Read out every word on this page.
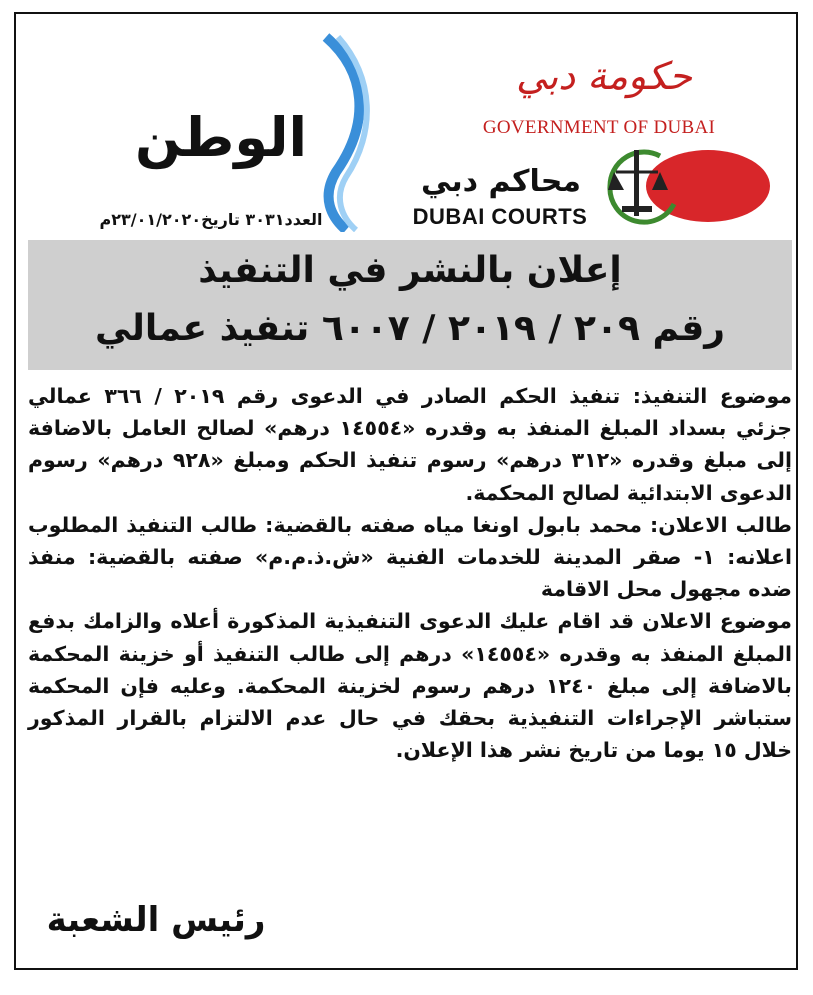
الوطن
العدد٣٠٣١ تاريخ٢٣/٠١/٢٠٢٠م
حكومة دبي
GOVERNMENT OF DUBAI
محاكم دبي
DUBAI COURTS
إعلان بالنشر في التنفيذ
رقم ٢٠٩ / ٢٠١٩ / ٦٠٠٧ تنفيذ عمالي

موضوع التنفيذ: تنفيذ الحكم الصادر في الدعوى رقم ٢٠١٩ / ٣٦٦ عمالي جزئي بسداد المبلغ المنفذ به وقدره «١٤٥٥٤ درهم» لصالح العامل بالاضافة إلى مبلغ وقدره «٣١٢ درهم» رسوم تنفيذ الحكم ومبلغ «٩٢٨ درهم» رسوم الدعوى الابتدائية لصالح المحكمة.

طالب الاعلان: محمد بابول اونغا مياه صفته بالقضية: طالب التنفيذ المطلوب اعلانه: ١- صقر المدينة للخدمات الفنية «ش.ذ.م.م» صفته بالقضية: منفذ ضده مجهول محل الاقامة

موضوع الاعلان قد اقام عليك الدعوى التنفيذية المذكورة أعلاه والزامك بدفع المبلغ المنفذ به وقدره «١٤٥٥٤» درهم إلى طالب التنفيذ أو خزينة المحكمة بالاضافة إلى مبلغ ١٢٤٠ درهم رسوم لخزينة المحكمة. وعليه فإن المحكمة ستباشر الإجراءات التنفيذية بحقك في حال عدم الالتزام بالقرار المذكور خلال ١٥ يوما من تاريخ نشر هذا الإعلان.

رئيس الشعبة
